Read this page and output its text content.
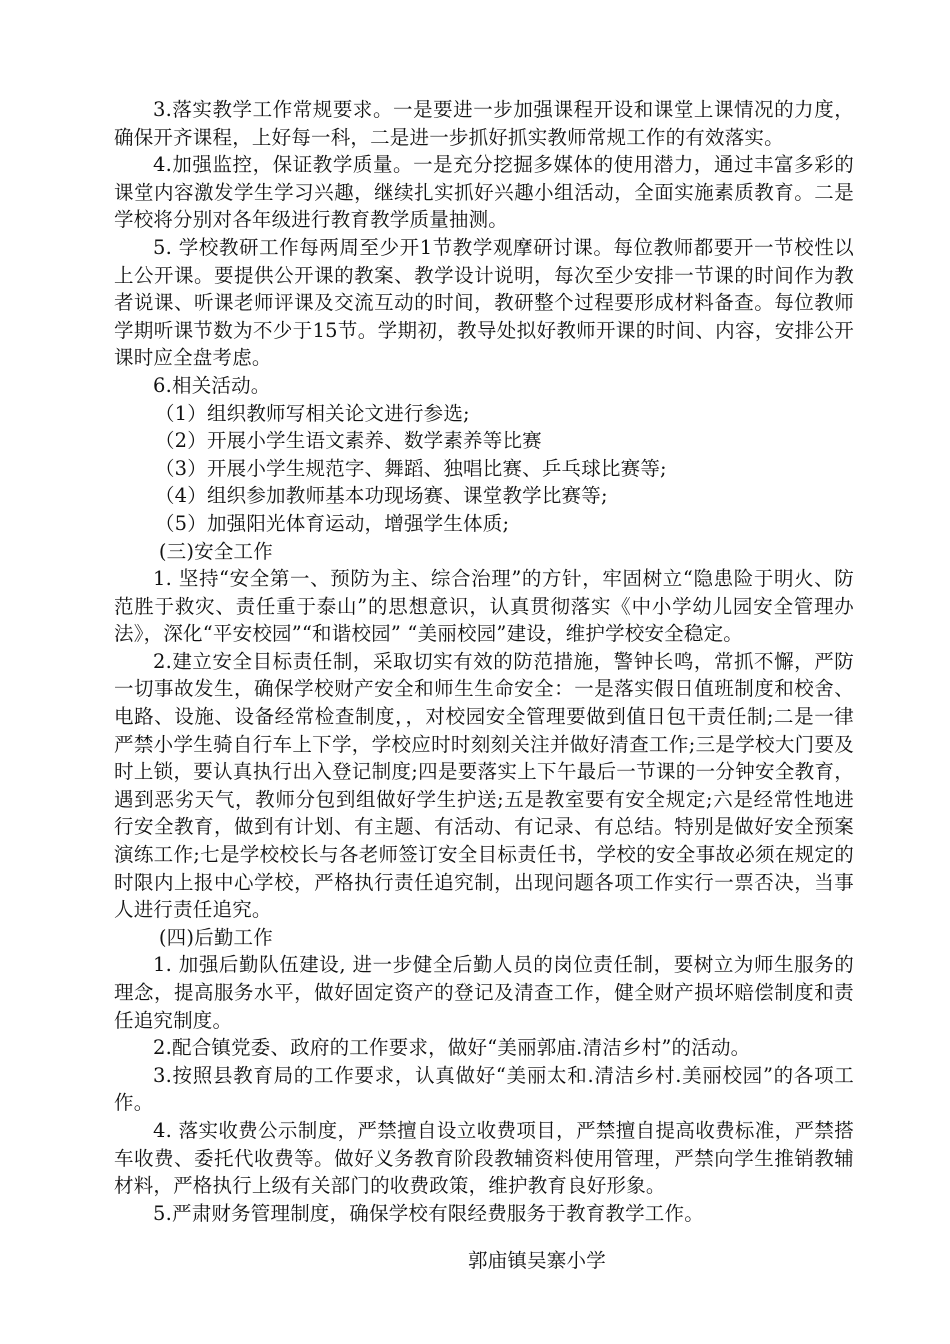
3.落实教学工作常规要求。一是要进一步加强课程开设和课堂上课情况的力度，确保开齐课程，上好每一科，二是进一步抓好抓实教师常规工作的有效落实。

4.加强监控，保证教学质量。一是充分挖掘多媒体的使用潜力，通过丰富多彩的课堂内容激发学生学习兴趣，继续扎实抓好兴趣小组活动，全面实施素质教育。二是学校将分别对各年级进行教育教学质量抽测。

5. 学校教研工作每两周至少开1节教学观摩研讨课。每位教师都要开一节校性以上公开课。要提供公开课的教案、教学设计说明，每次至少安排一节课的时间作为教者说课、听课老师评课及交流互动的时间，教研整个过程要形成材料备查。每位教师学期听课节数为不少于15节。学期初，教导处拟好教师开课的时间、内容，安排公开课时应全盘考虑。

6.相关活动。

（1）组织教师写相关论文进行参选;

（2）开展小学生语文素养、数学素养等比赛

（3）开展小学生规范字、舞蹈、独唱比赛、乒乓球比赛等;

（4）组织参加教师基本功现场赛、课堂教学比赛等;

（5）加强阳光体育运动，增强学生体质;

(三)安全工作

1. 坚持“安全第一、预防为主、综合治理”的方针，牢固树立“隐患险于明火、防范胜于救灾、责任重于泰山”的思想意识，认真贯彻落实《中小学幼儿园安全管理办法》，深化“平安校园”“和谐校园” “美丽校园”建设，维护学校安全稳定。

2.建立安全目标责任制，采取切实有效的防范措施，警钟长鸣，常抓不懈，严防一切事故发生，确保学校财产安全和师生生命安全：一是落实假日值班制度和校舍、电路、设施、设备经常检查制度，，对校园安全管理要做到值日包干责任制;二是一律严禁小学生骑自行车上下学，学校应时时刻刻关注并做好清查工作;三是学校大门要及时上锁，要认真执行出入登记制度;四是要落实上下午最后一节课的一分钟安全教育，遇到恶劣天气，教师分包到组做好学生护送;五是教室要有安全规定;六是经常性地进行安全教育，做到有计划、有主题、有活动、有记录、有总结。特别是做好安全预案演练工作;七是学校校长与各老师签订安全目标责任书，学校的安全事故必须在规定的时限内上报中心学校，严格执行责任追究制，出现问题各项工作实行一票否决，当事人进行责任追究。

(四)后勤工作

1. 加强后勤队伍建设, 进一步健全后勤人员的岗位责任制，要树立为师生服务的理念，提高服务水平，做好固定资产的登记及清查工作，健全财产损坏赔偿制度和责任追究制度。

2.配合镇党委、政府的工作要求，做好“美丽郭庙.清洁乡村”的活动。

3.按照县教育局的工作要求，认真做好“美丽太和.清洁乡村.美丽校园”的各项工作。

4. 落实收费公示制度，严禁擅自设立收费项目，严禁擅自提高收费标准，严禁搭车收费、委托代收费等。做好义务教育阶段教辅资料使用管理，严禁向学生推销教辅材料，严格执行上级有关部门的收费政策，维护教育良好形象。

5.严肃财务管理制度，确保学校有限经费服务于教育教学工作。

郭庙镇吴寨小学
